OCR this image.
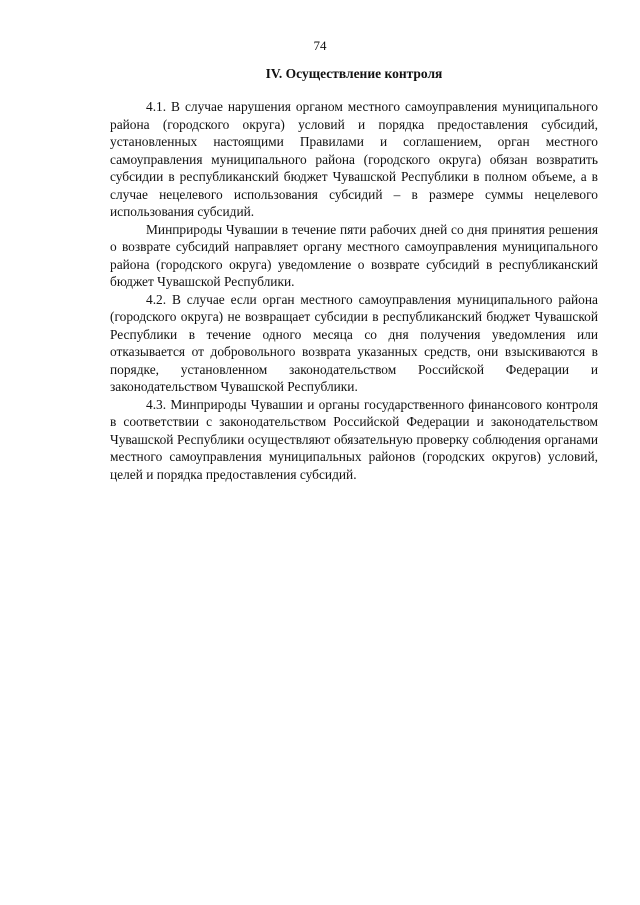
74
IV. Осуществление контроля

4.1. В случае нарушения органом местного самоуправления муниципального района (городского округа) условий и порядка предоставления субсидий, установленных настоящими Правилами и соглашением, орган местного самоуправления муниципального района (городского округа) обязан возвратить субсидии в республиканский бюджет Чувашской Республики в полном объеме, а в случае нецелевого использования субсидий – в размере суммы нецелевого использования субсидий.

Минприроды Чувашии в течение пяти рабочих дней со дня принятия решения о возврате субсидий направляет органу местного самоуправления муниципального района (городского округа) уведомление о возврате субсидий в республиканский бюджет Чувашской Республики.

4.2. В случае если орган местного самоуправления муниципального района (городского округа) не возвращает субсидии в республиканский бюджет Чувашской Республики в течение одного месяца со дня получения уведомления или отказывается от добровольного возврата указанных средств, они взыскиваются в порядке, установленном законодательством Российской Федерации и законодательством Чувашской Республики.

4.3. Минприроды Чувашии и органы государственного финансового контроля в соответствии с законодательством Российской Федерации и законодательством Чувашской Республики осуществляют обязательную проверку соблюдения органами местного самоуправления муниципальных районов (городских округов) условий, целей и порядка предоставления субсидий.
